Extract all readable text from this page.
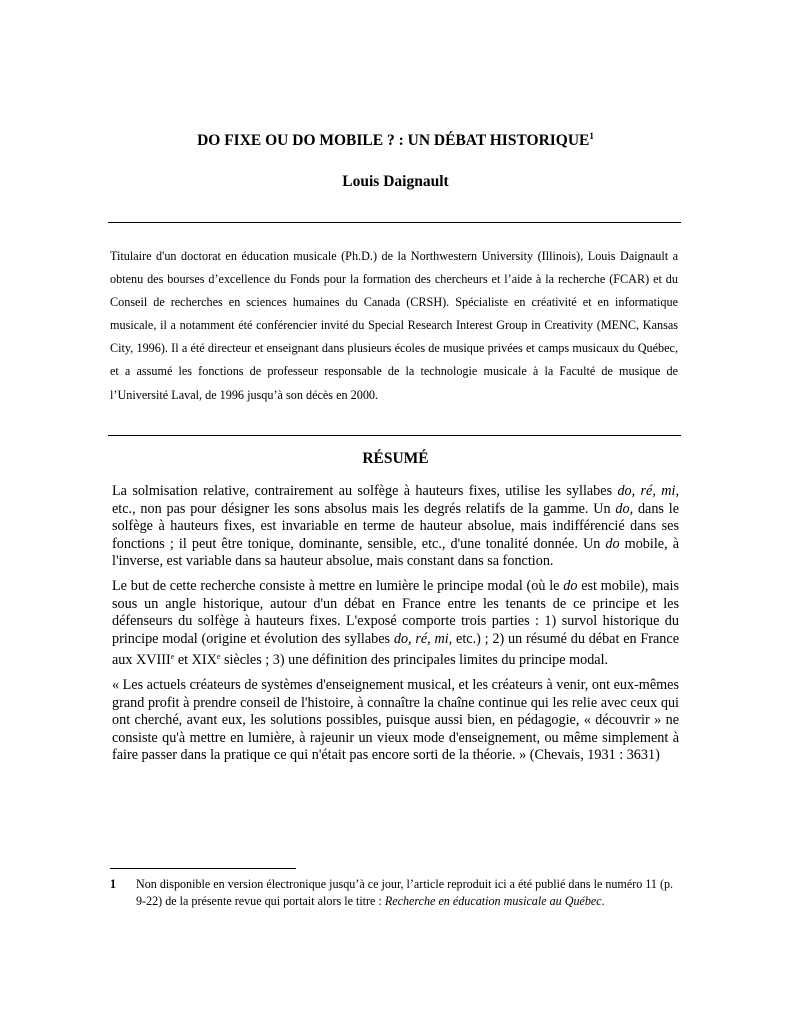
DO FIXE OU DO MOBILE ? : UN DÉBAT HISTORIQUE$^1$
Louis Daignault
Titulaire d'un doctorat en éducation musicale (Ph.D.) de la Northwestern University (Illinois), Louis Daignault a obtenu des bourses d’excellence du Fonds pour la formation des chercheurs et l’aide à la recherche (FCAR) et du Conseil de recherches en sciences humaines du Canada (CRSH). Spécialiste en créativité et en informatique musicale, il a notamment été conférencier invité du Special Research Interest Group in Creativity (MENC, Kansas City, 1996). Il a été directeur et enseignant dans plusieurs écoles de musique privées et camps musicaux du Québec, et a assumé les fonctions de professeur responsable de la technologie musicale à la Faculté de musique de l’Université Laval, de 1996 jusqu’à son décès en 2000.
RÉSUMÉ
La solmisation relative, contrairement au solfège à hauteurs fixes, utilise les syllabes do, ré, mi, etc., non pas pour désigner les sons absolus mais les degrés relatifs de la gamme. Un do, dans le solfège à hauteurs fixes, est invariable en terme de hauteur absolue, mais indifférencié dans ses fonctions ; il peut être tonique, dominante, sensible, etc., d'une tonalité donnée. Un do mobile, à l'inverse, est variable dans sa hauteur absolue, mais constant dans sa fonction.
Le but de cette recherche consiste à mettre en lumière le principe modal (où le do est mobile), mais sous un angle historique, autour d'un débat en France entre les tenants de ce principe et les défenseurs du solfège à hauteurs fixes. L'exposé comporte trois parties : 1) survol historique du principe modal (origine et évolution des syllabes do, ré, mi, etc.) ; 2) un résumé du débat en France aux XVIIIe et XIXe siècles ; 3) une définition des principales limites du principe modal.
« Les actuels créateurs de systèmes d'enseignement musical, et les créateurs à venir, ont eux-mêmes grand profit à prendre conseil de l'histoire, à connaître la chaîne continue qui les relie avec ceux qui ont cherché, avant eux, les solutions possibles, puisque aussi bien, en pédagogie, « découvrir » ne consiste qu'à mettre en lumière, à rajeunir un vieux mode d'enseignement, ou même simplement à faire passer dans la pratique ce qui n'était pas encore sorti de la théorie. » (Chevais, 1931 : 3631)
1 Non disponible en version électronique jusqu’à ce jour, l’article reproduit ici a été publié dans le numéro 11 (p. 9-22) de la présente revue qui portait alors le titre : Recherche en éducation musicale au Québec.
